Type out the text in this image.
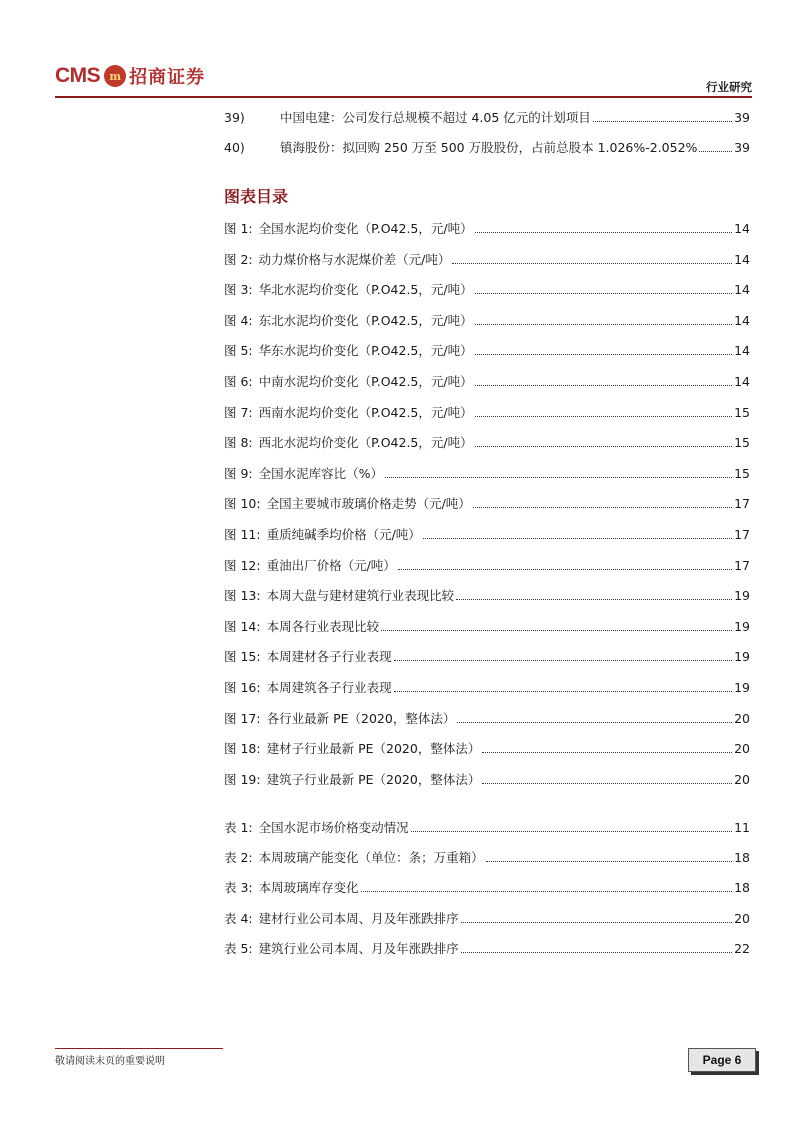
CMS m 招商证券	行业研究
39)	中国电建：公司发行总规模不超过 4.05 亿元的计划项目	39
40)	镇海股份：拟回购 250 万至 500 万股股份，占前总股本 1.026%-2.052%	39
图表目录
图 1: 全国水泥均价变化（P.O42.5，元/吨）	14
图 2: 动力煤价格与水泥煤价差（元/吨）	14
图 3: 华北水泥均价变化（P.O42.5，元/吨）	14
图 4: 东北水泥均价变化（P.O42.5，元/吨）	14
图 5: 华东水泥均价变化（P.O42.5，元/吨）	14
图 6: 中南水泥均价变化（P.O42.5，元/吨）	14
图 7: 西南水泥均价变化（P.O42.5，元/吨）	15
图 8: 西北水泥均价变化（P.O42.5，元/吨）	15
图 9: 全国水泥库容比（%）	15
图 10: 全国主要城市玻璃价格走势（元/吨）	17
图 11: 重质纯碱季均价格（元/吨）	17
图 12: 重油出厂价格（元/吨）	17
图 13: 本周大盘与建材建筑行业表现比较	19
图 14: 本周各行业表现比较	19
图 15: 本周建材各子行业表现	19
图 16: 本周建筑各子行业表现	19
图 17: 各行业最新 PE（2020，整体法）	20
图 18: 建材子行业最新 PE（2020，整体法）	20
图 19: 建筑子行业最新 PE（2020，整体法）	20
表 1: 全国水泥市场价格变动情况	11
表 2: 本周玻璃产能变化（单位：条；万重箱）	18
表 3: 本周玻璃库存变化	18
表 4: 建材行业公司本周、月及年涨跌排序	20
表 5: 建筑行业公司本周、月及年涨跌排序	22
敬请阅读末页的重要说明	Page 6
